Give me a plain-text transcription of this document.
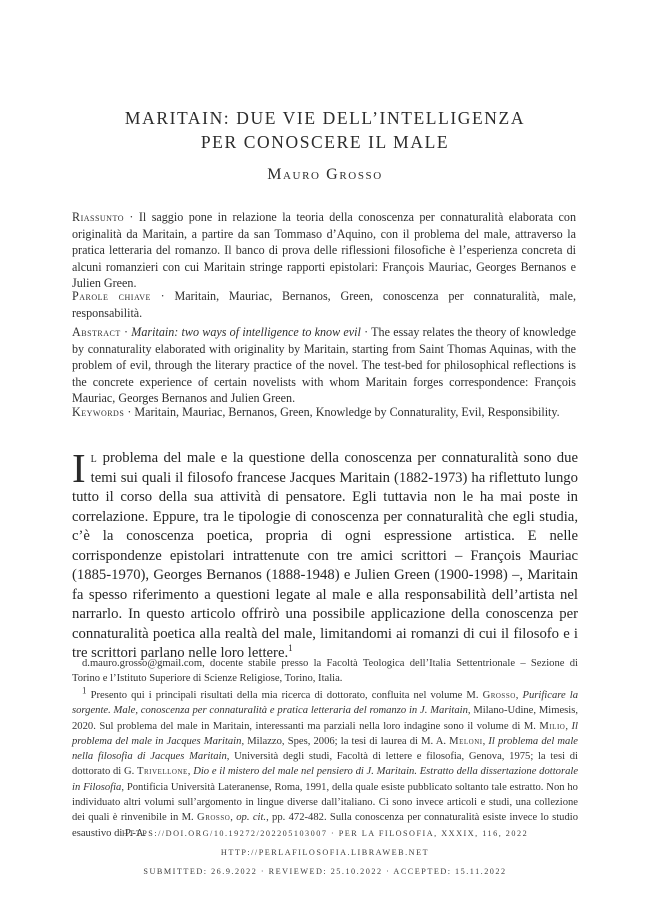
MARITAIN: DUE VIE DELL’INTELLIGENZA
PER CONOSCERE IL MALE
Mauro Grosso
Riassunto · Il saggio pone in relazione la teoria della conoscenza per connaturalità elaborata con originalità da Maritain, a partire da san Tommaso d’Aquino, con il problema del male, attraverso la pratica letteraria del romanzo. Il banco di prova delle riflessioni filosofiche è l’esperienza concreta di alcuni romanzieri con cui Maritain stringe rapporti epistolari: François Mauriac, Georges Bernanos e Julien Green.
Parole chiave · Maritain, Mauriac, Bernanos, Green, conoscenza per connaturalità, male, responsabilità.
Abstract · Maritain: two ways of intelligence to know evil · The essay relates the theory of knowledge by connaturality elaborated with originality by Maritain, starting from Saint Thomas Aquinas, with the problem of evil, through the literary practice of the novel. The test-bed for philosophical reflections is the concrete experience of certain novelists with whom Maritain forges correspondence: François Mauriac, Georges Bernanos and Julien Green.
Keywords · Maritain, Mauriac, Bernanos, Green, Knowledge by Connaturality, Evil, Responsibility.
Il problema del male e la questione della conoscenza per connaturalità sono due temi sui quali il filosofo francese Jacques Maritain (1882-1973) ha riflettuto lungo tutto il corso della sua attività di pensatore. Egli tuttavia non le ha mai poste in correlazione. Eppure, tra le tipologie di conoscenza per connaturalità che egli studia, c’è la conoscenza poetica, propria di ogni espressione artistica. E nelle corrispondenze epistolari intrattenute con tre amici scrittori – François Mauriac (1885-1970), Georges Bernanos (1888-1948) e Julien Green (1900-1998) –, Maritain fa spesso riferimento a questioni legate al male e alla responsabilità dell’artista nel narrarlo. In questo articolo offrirò una possibile applicazione della conoscenza per connaturalità poetica alla realtà del male, limitandomi ai romanzi di cui il filosofo e i tre scrittori parlano nelle loro lettere.$^1$
d.mauro.grosso@gmail.com, docente stabile presso la Facoltà Teologica dell’Italia Settentrionale – Sezione di Torino e l’Istituto Superiore di Scienze Religiose, Torino, Italia.
$^1$ Presento qui i principali risultati della mia ricerca di dottorato, confluita nel volume M. Grosso, Purificare la sorgente. Male, conoscenza per connaturalità e pratica letteraria del romanzo in J. Maritain, Milano-Udine, Mimesis, 2020. Sul problema del male in Maritain, interessanti ma parziali nella loro indagine sono il volume di M. Milio, Il problema del male in Jacques Maritain, Milazzo, Spes, 2006; la tesi di laurea di M. A. Meloni, Il problema del male nella filosofia di Jacques Maritain, Università degli studi, Facoltà di lettere e filosofia, Genova, 1975; la tesi di dottorato di G. Trivellone, Dio e il mistero del male nel pensiero di J. Maritain. Estratto della dissertazione dottorale in Filosofia, Pontificia Università Lateranense, Roma, 1991, della quale esiste pubblicato soltanto tale estratto. Non ho individuato altri volumi sull’argomento in lingue diverse dall’italiano. Ci sono invece articoli e studi, una collezione dei quali è rinvenibile in M. Grosso, op. cit., pp. 472-482. Sulla conoscenza per connaturalità esiste invece lo studio esaustivo di P.-A.
HTTPS://DOI.ORG/10.19272/202205103007 · PER LA FILOSOFIA, XXXIX, 116, 2022
HTTP://PERLAFILOSOFIA.LIBRAWEB.NET
SUBMITTED: 26.9.2022 · REVIEWED: 25.10.2022 · ACCEPTED: 15.11.2022
